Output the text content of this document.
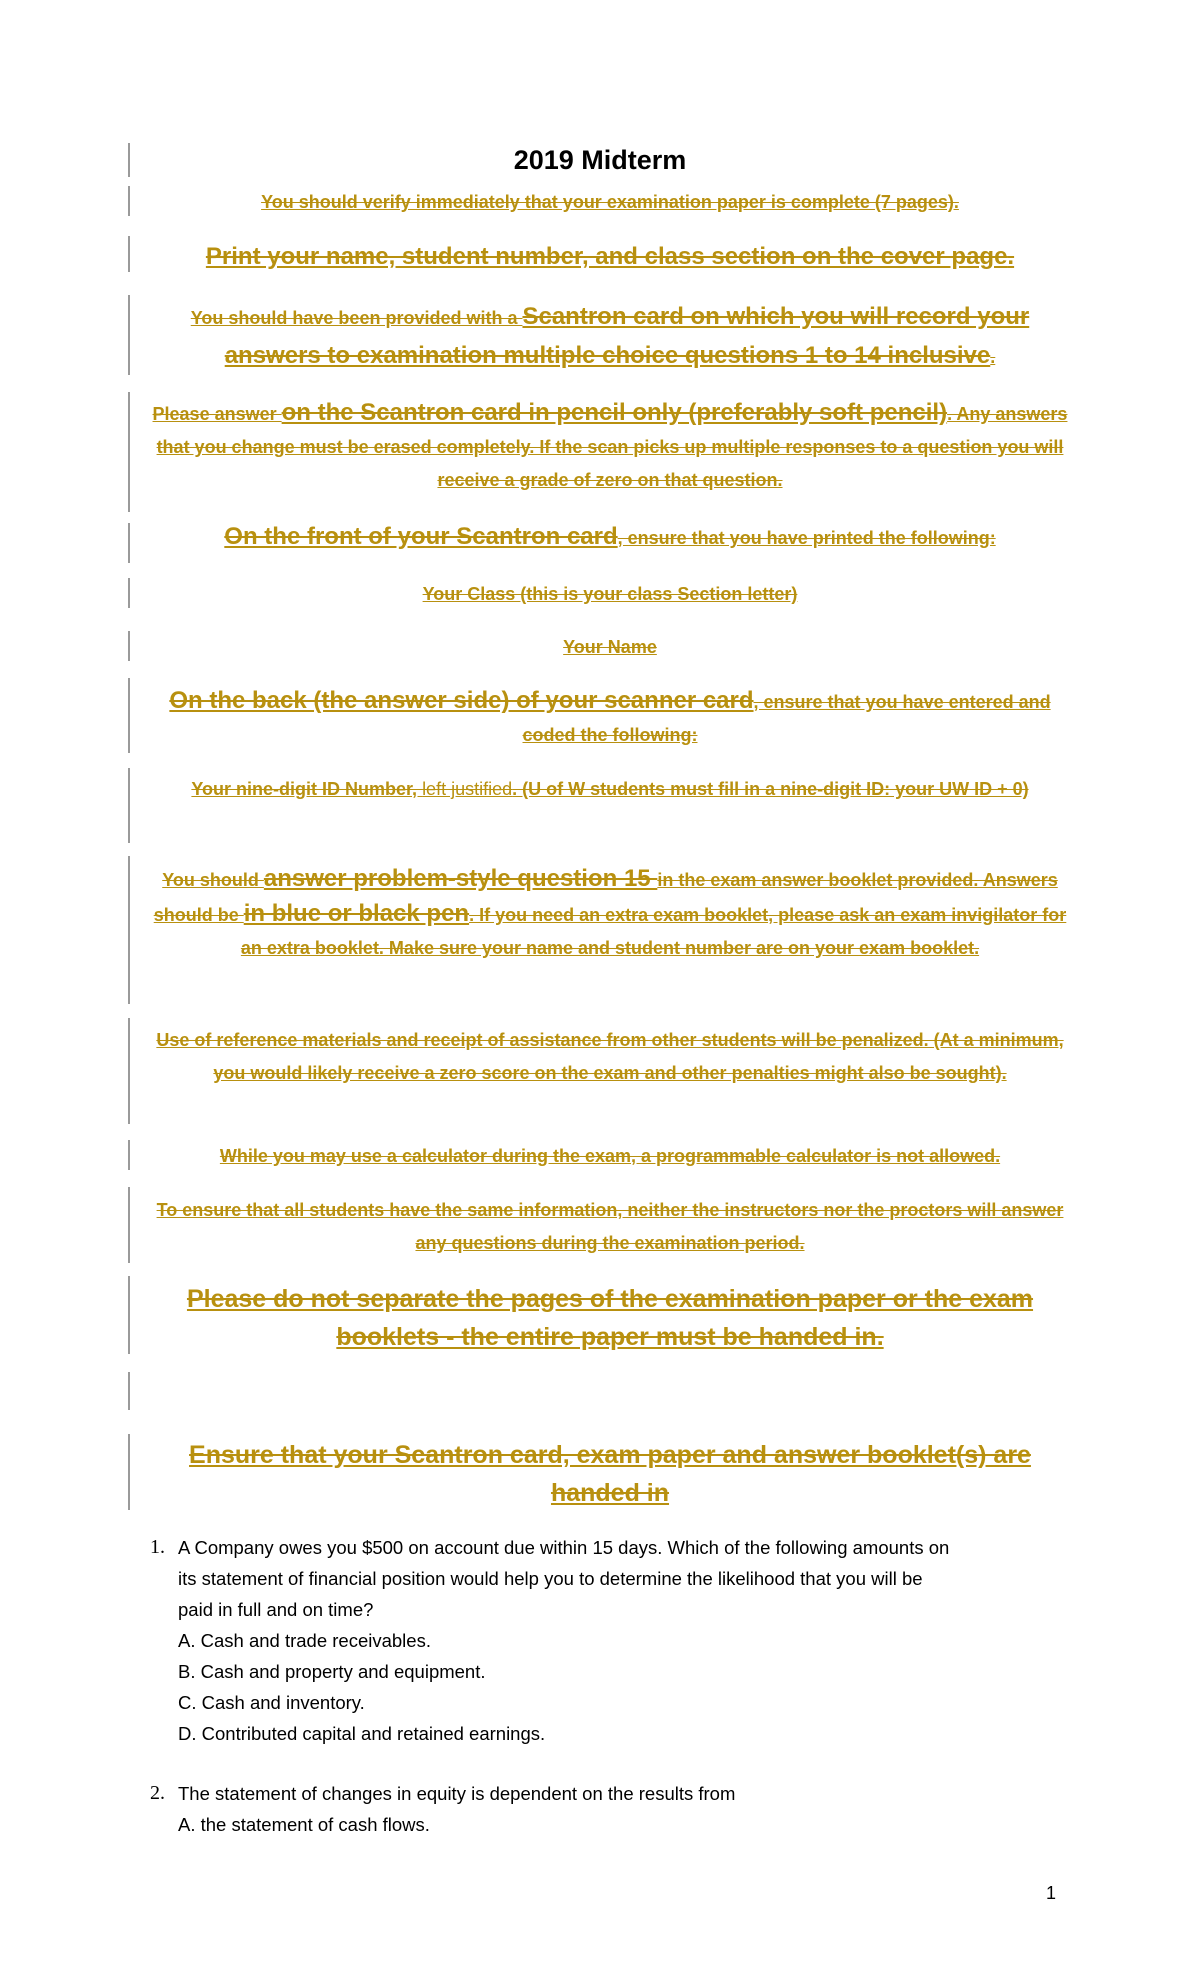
2019 Midterm
You should verify immediately that your examination paper is complete (7 pages).
Print your name, student number, and class section on the cover page.
You should have been provided with a Scantron card on which you will record your answers to examination multiple choice questions 1 to 14 inclusive.
Please answer on the Scantron card in pencil only (preferably soft pencil). Any answers that you change must be erased completely. If the scan picks up multiple responses to a question you will receive a grade of zero on that question.
On the front of your Scantron card, ensure that you have printed the following:
Your Class (this is your class Section letter)
Your Name
On the back (the answer side) of your scanner card, ensure that you have entered and coded the following:
Your nine-digit ID Number, left justified. (U of W students must fill in a nine-digit ID: your UW ID + 0)
You should answer problem-style question 15 in the exam answer booklet provided. Answers should be in blue or black pen. If you need an extra exam booklet, please ask an exam invigilator for an extra booklet. Make sure your name and student number are on your exam booklet.
Use of reference materials and receipt of assistance from other students will be penalized. (At a minimum, you would likely receive a zero score on the exam and other penalties might also be sought).
While you may use a calculator during the exam, a programmable calculator is not allowed.
To ensure that all students have the same information, neither the instructors nor the proctors will answer any questions during the examination period.
Please do not separate the pages of the examination paper or the exam booklets - the entire paper must be handed in.
Ensure that your Scantron card, exam paper and answer booklet(s) are handed in
1. A Company owes you $500 on account due within 15 days. Which of the following amounts on
its statement of financial position would help you to determine the likelihood that you will be
paid in full and on time?
A. Cash and trade receivables.
B. Cash and property and equipment.
C. Cash and inventory.
D. Contributed capital and retained earnings.
2. The statement of changes in equity is dependent on the results from
A. the statement of cash flows.
1
